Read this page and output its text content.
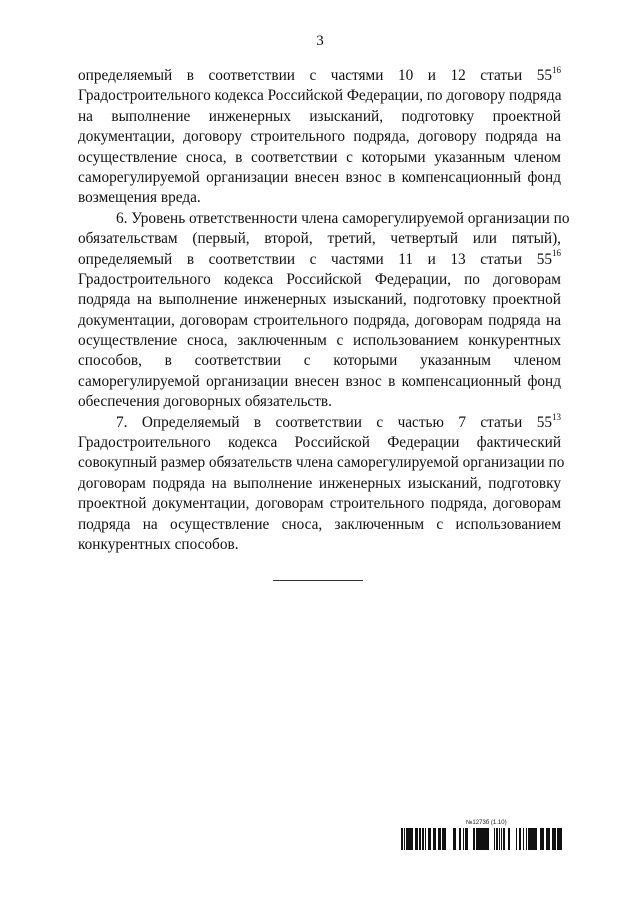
3
определяемый в соответствии с частями 10 и 12 статьи $55^{16}$
Градостроительного кодекса Российской Федерации, по договору подряда
на выполнение инженерных изысканий, подготовку проектной
документации, договору строительного подряда, договору подряда на
осуществление сноса, в соответствии с которыми указанным членом
саморегулируемой организации внесен взнос в компенсационный фонд
возмещения вреда.
6. Уровень ответственности члена саморегулируемой организации по
обязательствам (первый, второй, третий, четвертый или пятый),
определяемый в соответствии с частями 11 и 13 статьи $55^{16}$
Градостроительного кодекса Российской Федерации, по договорам
подряда на выполнение инженерных изысканий, подготовку проектной
документации, договорам строительного подряда, договорам подряда на
осуществление сноса, заключенным с использованием конкурентных
способов, в соответствии с которыми указанным членом
саморегулируемой организации внесен взнос в компенсационный фонд
обеспечения договорных обязательств.
7. Определяемый в соответствии с частью 7 статьи $55^{13}$
Градостроительного кодекса Российской Федерации фактический
совокупный размер обязательств члена саморегулируемой организации по
договорам подряда на выполнение инженерных изысканий, подготовку
проектной документации, договорам строительного подряда, договорам
подряда на осуществление сноса, заключенным с использованием
конкурентных способов.
№1273б (1.10)
